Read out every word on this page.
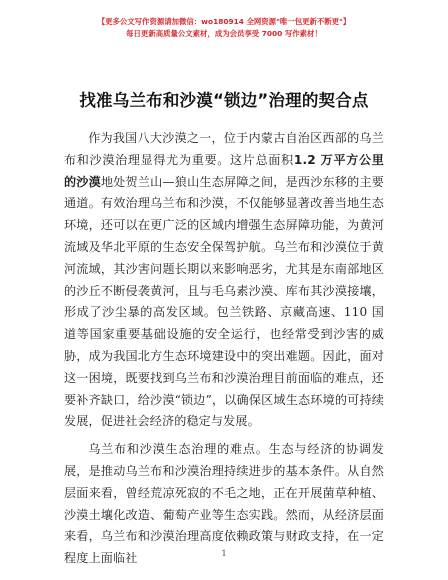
【更多公文写作资源请加微信：wo180914 全网资源"唯一包更新不断更"】
每日更新高质量公文素材，成为会员享受 7000 写作素材！
找准乌兰布和沙漠“锁边”治理的契合点

作为我国八大沙漠之一，位于内蒙古自治区西部的乌兰布和沙漠治理显得尤为重要。这片总面积1.2 万平方公里的沙漠地处贺兰山—狼山生态屏障之间，是西沙东移的主要通道。有效治理乌兰布和沙漠，不仅能够显著改善当地生态环境，还可以在更广泛的区域内增强生态屏障功能，为黄河流域及华北平原的生态安全保驾护航。乌兰布和沙漠位于黄河流域，其沙害问题长期以来影响恶劣，尤其是东南部地区的沙丘不断侵袭黄河，且与毛乌素沙漠、库布其沙漠接壤，形成了沙尘暴的高发区域。包兰铁路、京藏高速、110 国道等国家重要基础设施的安全运行，也经常受到沙害的威胁，成为我国北方生态环境建设中的突出难题。因此，面对这一困境，既要找到乌兰布和沙漠治理目前面临的难点，还要补齐缺口，给沙漠“锁边”，以确保区域生态环境的可持续发展，促进社会经济的稳定与发展。

乌兰布和沙漠生态治理的难点。生态与经济的协调发展，是推动乌兰布和沙漠治理持续进步的基本条件。从自然层面来看，曾经荒凉死寂的不毛之地，正在开展菌草种植、沙漠土壤化改造、葡萄产业等生态实践。然而，从经济层面来看，乌兰布和沙漠治理高度依赖政策与财政支持，在一定程度上面临社	1
